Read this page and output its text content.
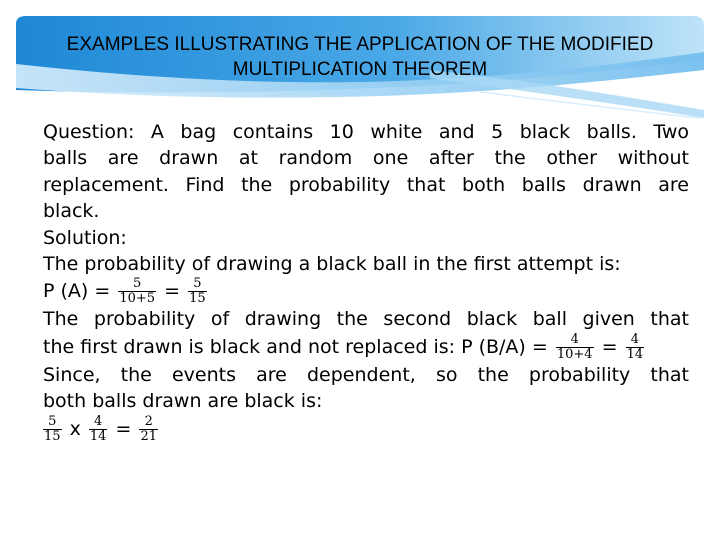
EXAMPLES ILLUSTRATING THE APPLICATION OF THE MODIFIED
MULTIPLICATION THEOREM
Question: A bag contains 10 white and 5 black balls. Two
balls are drawn at random one after the other without
replacement. Find the probability that both balls drawn are
black.
Solution:
The probability of drawing a black ball in the first attempt is:
P $(A) = \frac{5}{10+5} = \frac{5}{15}$
The probability of drawing the second black ball given that
the first drawn is black and not replaced is: P $(B/A) = \frac{4}{10+4} = \frac{4}{14}$
Since, the events are dependent, so the probability that
both balls drawn are black is:
$\frac{5}{15}$ x $\frac{4}{14} = \frac{2}{21}$
